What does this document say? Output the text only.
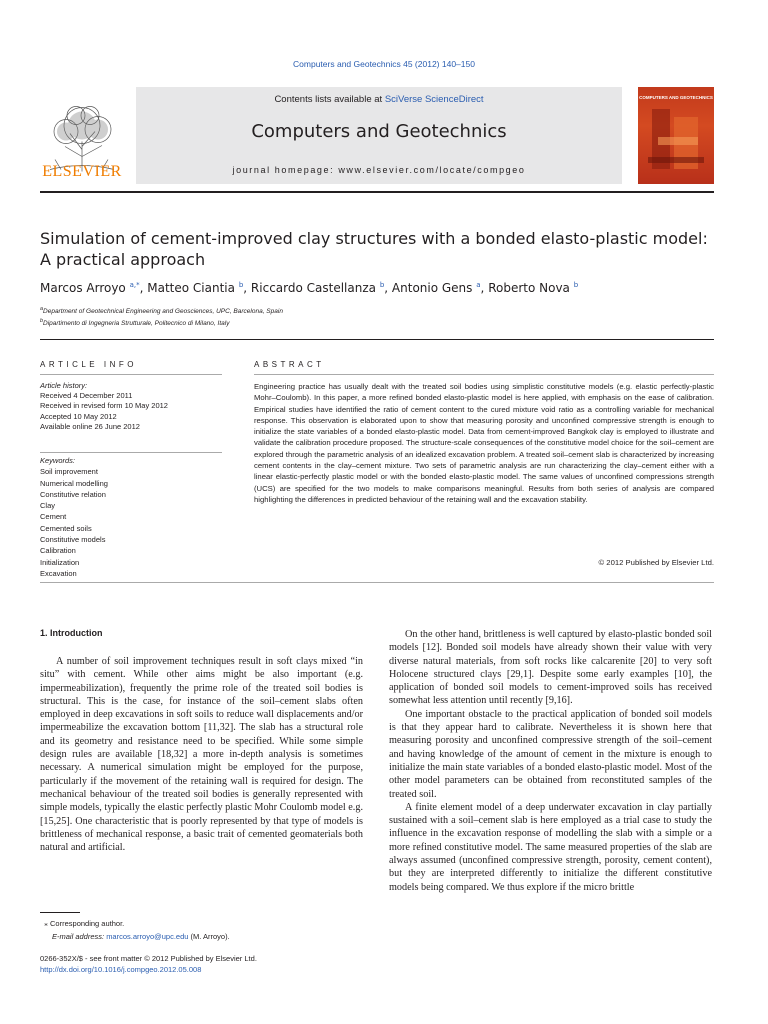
Computers and Geotechnics 45 (2012) 140–150
ELSEVIER
Contents lists available at SciVerse ScienceDirect
Computers and Geotechnics
journal homepage: www.elsevier.com/locate/compgeo
COMPUTERS AND GEOTECHNICS
Simulation of cement-improved clay structures with a bonded elasto-plastic model:
A practical approach
Marcos Arroyo $^{a,*}$, Matteo Ciantia $^b$, Riccardo Castellanza $^b$, Antonio Gens $^a$, Roberto Nova $^b$
$^a$Department of Geotechnical Engineering and Geosciences, UPC, Barcelona, Spain
$^b$Dipartimento di Ingegneria Strutturale, Politecnico di Milano, Italy
ARTICLE INFO
Article history:
Received 4 December 2011
Received in revised form 10 May 2012
Accepted 10 May 2012
Available online 26 June 2012
Keywords:
Soil improvement
Numerical modelling
Constitutive relation
Clay
Cement
Cemented soils
Constitutive models
Calibration
Initialization
Excavation
ABSTRACT
Engineering practice has usually dealt with the treated soil bodies using simplistic constitutive models (e.g. elastic perfectly-plastic Mohr–Coulomb). In this paper, a more refined bonded elasto-plastic model is here applied, with emphasis on the ease of calibration. Empirical studies have identified the ratio of cement content to the cured mixture void ratio as a controlling variable for mechanical response. This observation is elaborated upon to show that measuring porosity and unconfined compressive strength is enough to initialize the state variables of a bonded elasto-plastic model. Data from cement-improved Bangkok clay is employed to illustrate and validate the calibration procedure proposed. The structure-scale consequences of the constitutive model choice for the soil–cement are explored through the parametric analysis of an idealized excavation problem. A treated soil–cement slab is characterized by increasing cement contents in the clay–cement mixture. Two sets of parametric analysis are run characterizing the clay–cement either with a linear elastic-perfectly plastic model or with the bonded elasto-plastic model. The same values of unconfined compressions strength (UCS) are specified for the two models to make comparisons meaningful. Results from both series of analysis are compared highlighting the differences in predicted behaviour of the retaining wall and the excavation stability.
© 2012 Published by Elsevier Ltd.
1. Introduction

A number of soil improvement techniques result in soft clays mixed “in situ” with cement. While other aims might be also important (e.g. impermeabilization), frequently the prime role of the treated soil bodies is structural. This is the case, for instance of the soil–cement slabs often employed in deep excavations in soft soils to reduce wall displacements and/or impermeabilize the excavation bottom [11,32]. The slab has a structural role and its geometry and resistance need to be specified. While some simple design rules are available [18,32] a more in-depth analysis is sometimes necessary. A numerical simulation might be employed for the purpose, particularly if the movement of the retaining wall is required for design. The mechanical behaviour of the treated soil bodies is generally represented with simple models, typically the elastic perfectly plastic Mohr Coulomb model e.g. [15,25]. One characteristic that is poorly represented by that type of models is brittleness of mechanical response, a basic trait of cemented geomaterials both natural and artificial.

On the other hand, brittleness is well captured by elasto-plastic bonded soil models [12]. Bonded soil models have already shown their value with very diverse natural materials, from soft rocks like calcarenite [20] to very soft Holocene structured clays [29,1]. Despite some early examples [10], the application of bonded soil models to cement-improved soils has received somewhat less attention until recently [9,16].

One important obstacle to the practical application of bonded soil models is that they appear hard to calibrate. Nevertheless it is shown here that measuring porosity and unconfined compressive strength of the soil–cement and having knowledge of the amount of cement in the mixture is enough to initialize the main state variables of a bonded elasto-plastic model. Most of the other model parameters can be obtained from reconstituted samples of the treated soil.

A finite element model of a deep underwater excavation in clay partially sustained with a soil–cement slab is here employed as a trial case to study the influence in the excavation response of modelling the slab with a simple or a more refined constitutive model. The same measured properties of the slab are always assumed (unconfined compressive strength, porosity, cement content), but they are interpreted differently to initialize the different constitutive models being compared. We thus explore if the micro brittle

⁎ Corresponding author.
E-mail address: marcos.arroyo@upc.edu (M. Arroyo).
0266-352X/$ - see front matter © 2012 Published by Elsevier Ltd.
http://dx.doi.org/10.1016/j.compgeo.2012.05.008
